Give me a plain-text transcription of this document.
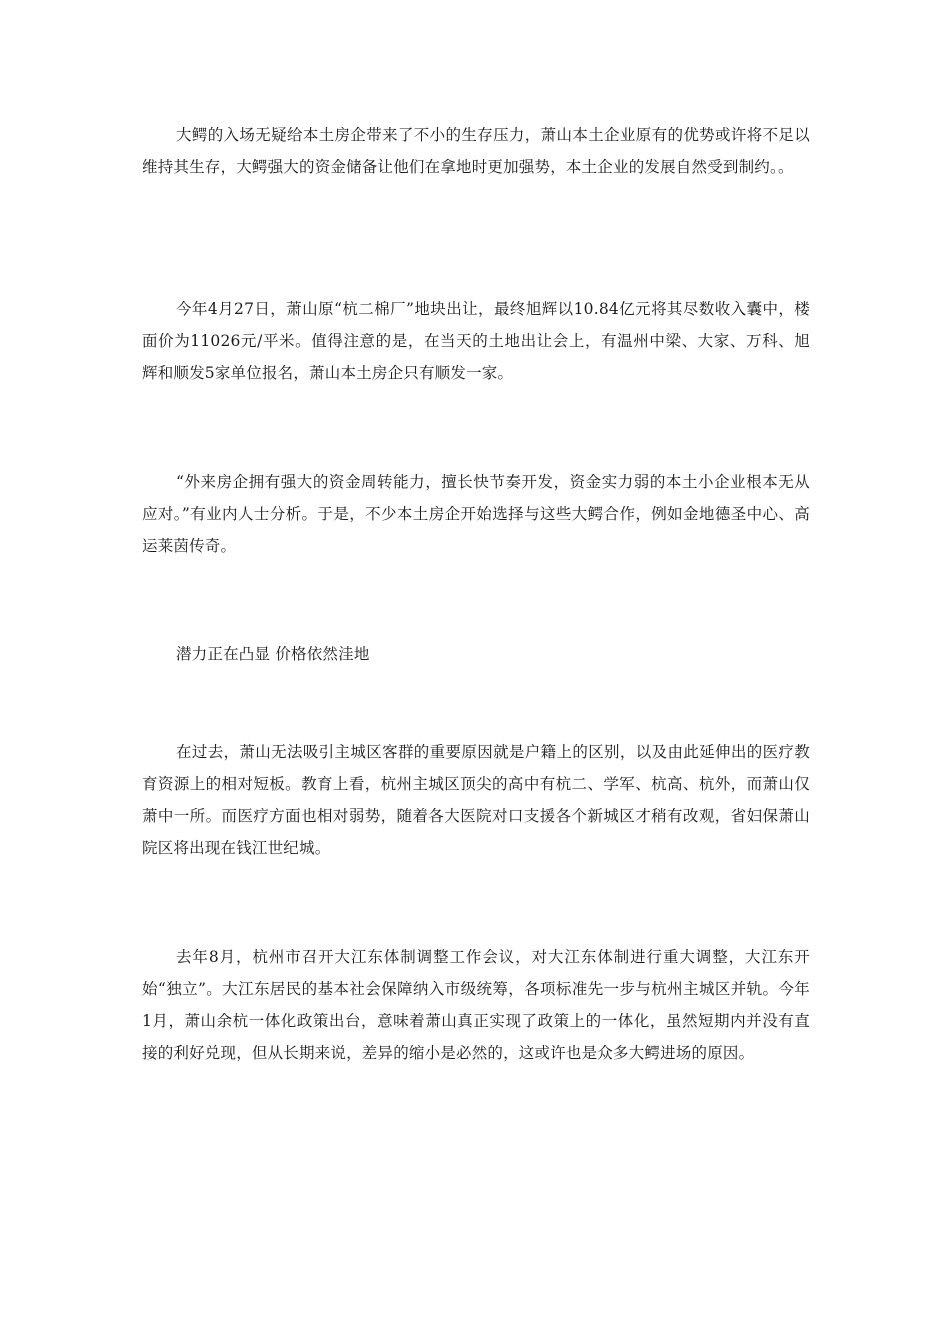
大鳄的入场无疑给本土房企带来了不小的生存压力，萧山本土企业原有的优势或许将不足以维持其生存，大鳄强大的资金储备让他们在拿地时更加强势，本土企业的发展自然受到制约。。

今年4月27日，萧山原“杭二棉厂”地块出让，最终旭辉以10.84亿元将其尽数收入囊中，楼面价为11026元/平米。值得注意的是，在当天的土地出让会上，有温州中梁、大家、万科、旭辉和顺发5家单位报名，萧山本土房企只有顺发一家。

“外来房企拥有强大的资金周转能力，擅长快节奏开发，资金实力弱的本土小企业根本无从应对。”有业内人士分析。于是，不少本土房企开始选择与这些大鳄合作，例如金地德圣中心、高运莱茵传奇。

潜力正在凸显 价格依然洼地

在过去，萧山无法吸引主城区客群的重要原因就是户籍上的区别，以及由此延伸出的医疗教育资源上的相对短板。教育上看，杭州主城区顶尖的高中有杭二、学军、杭高、杭外，而萧山仅萧中一所。而医疗方面也相对弱势，随着各大医院对口支援各个新城区才稍有改观，省妇保萧山院区将出现在钱江世纪城。

去年8月，杭州市召开大江东体制调整工作会议，对大江东体制进行重大调整，大江东开始“独立”。大江东居民的基本社会保障纳入市级统筹，各项标准先一步与杭州主城区并轨。今年1月，萧山余杭一体化政策出台，意味着萧山真正实现了政策上的一体化，虽然短期内并没有直接的利好兑现，但从长期来说，差异的缩小是必然的，这或许也是众多大鳄进场的原因。
